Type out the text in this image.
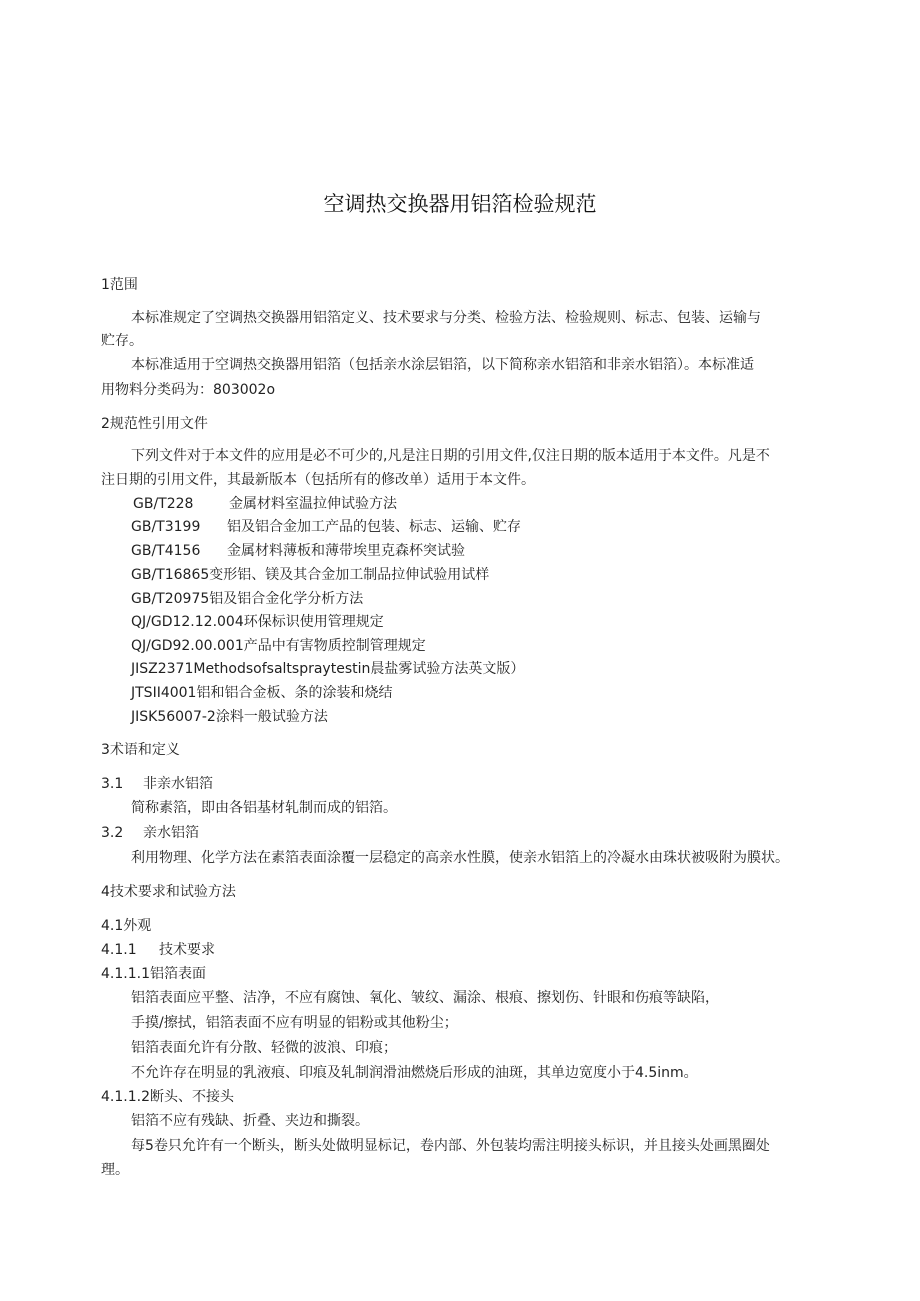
空调热交换器用铝箔检验规范
1范围
本标准规定了空调热交换器用铝箔定义、技术要求与分类、检验方法、检验规则、标志、包装、运输与
贮存。
本标准适用于空调热交换器用铝箔（包括亲水涂层铝箔，以下简称亲水铝箔和非亲水铝箔）。本标准适
用物料分类码为：803002o
2规范性引用文件
下列文件对于本文件的应用是必不可少的,凡是注日期的引用文件,仅注日期的版本适用于本文件。凡是不
注日期的引用文件，其最新版本（包括所有的修改单）适用于本文件。
GB/T228	金属材料室温拉伸试验方法
GB/T3199 铝及铝合金加工产品的包装、标志、运输、贮存
GB/T4156 金属材料薄板和薄带埃里克森杯突试验
GB/T16865变形铝、镁及其合金加工制品拉伸试验用试样
GB/T20975铝及铝合金化学分析方法
QJ/GD12.12.004环保标识使用管理规定
QJ/GD92.00.001产品中有害物质控制管理规定
JISZ2371Methodsofsaltspraytestin晨盐雾试验方法英文版）
JTSII4001铝和铝合金板、条的涂装和烧结
JISK56007-2涂料一般试验方法
3术语和定义
3.1 非亲水铝箔
简称素箔，即由各铝基材轧制而成的铝箔。
3.2 亲水铝箔
利用物理、化学方法在素箔表面涂覆一层稳定的高亲水性膜，使亲水铝箔上的冷凝水由珠状被吸附为膜状。
4技术要求和试验方法
4.1外观
4.1.1 技术要求
4.1.1.1铝箔表面
铝箔表面应平整、洁净，不应有腐蚀、氧化、皱纹、漏涂、根痕、擦划伤、针眼和伤痕等缺陷，
手摸/擦拭，铝箔表面不应有明显的铝粉或其他粉尘；
铝箔表面允许有分散、轻微的波浪、印痕；
不允许存在明显的乳液痕、印痕及轧制润滑油燃烧后形成的油斑，其单边宽度小于4.5inm。
4.1.1.2断头、不接头
铝箔不应有残缺、折叠、夹边和撕裂。
每5卷只允许有一个断头，断头处做明显标记，卷内部、外包装均需注明接头标识，并且接头处画黑圈处
理。
